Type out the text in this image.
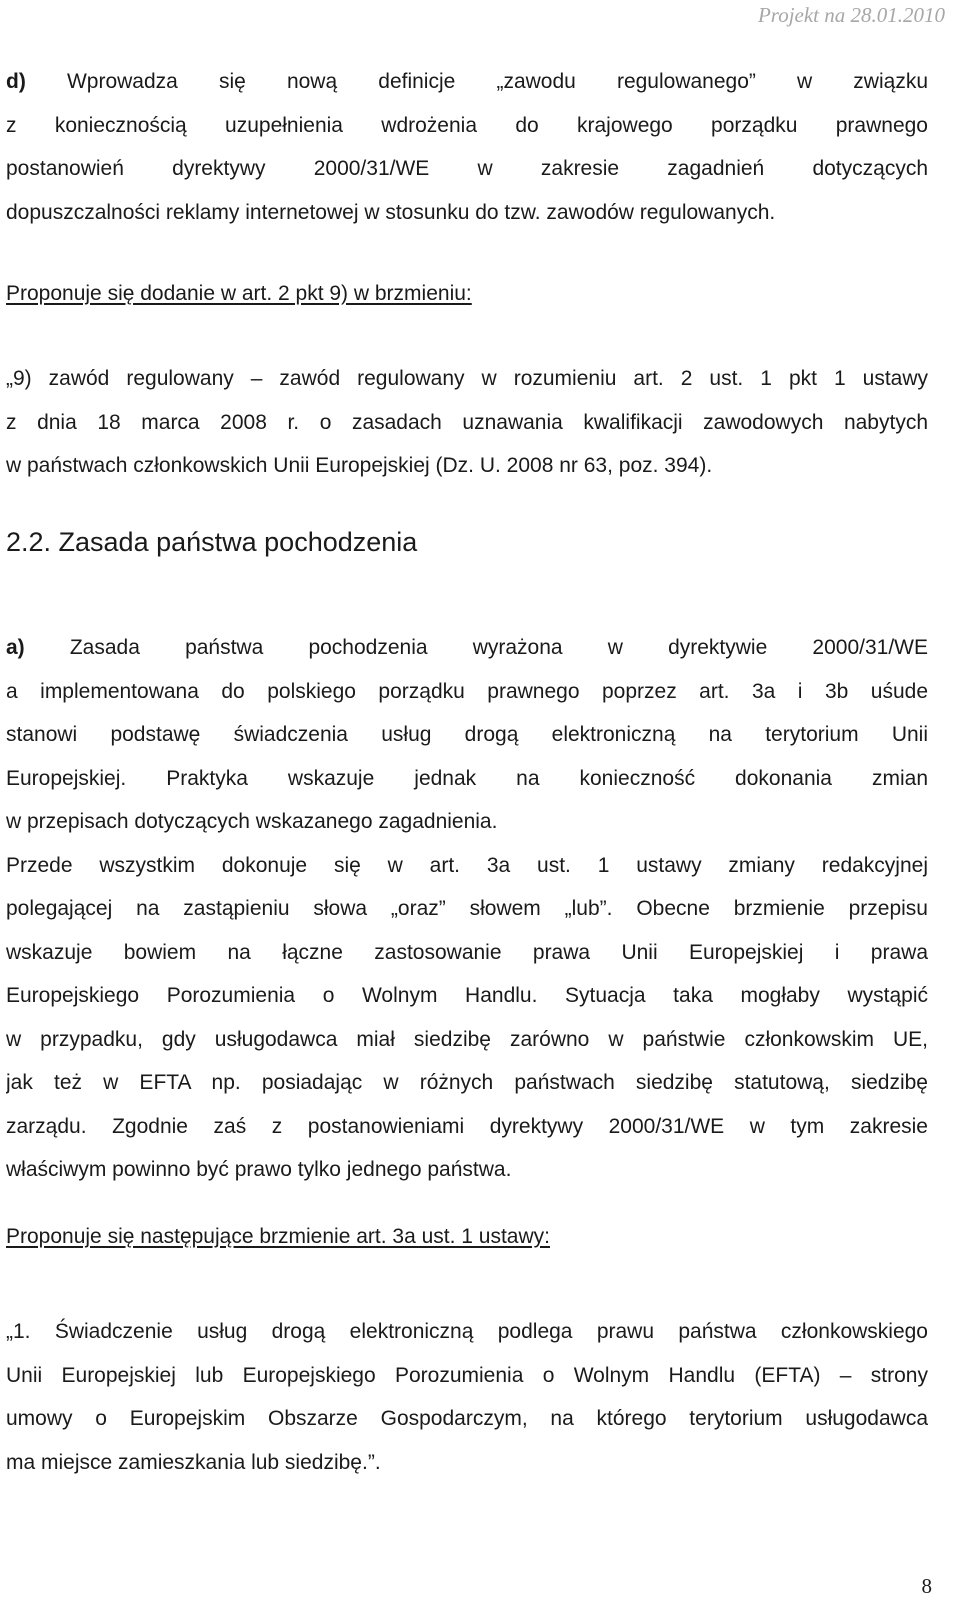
Projekt na 28.01.2010
d) Wprowadza się nową definicje „zawodu regulowanego” w związku
z koniecznością uzupełnienia wdrożenia do krajowego porządku prawnego
postanowień dyrektywy 2000/31/WE w zakresie zagadnień dotyczących
dopuszczalności reklamy internetowej w stosunku do tzw. zawodów regulowanych.
Proponuje się dodanie w art. 2 pkt 9) w brzmieniu:
„9) zawód regulowany – zawód regulowany w rozumieniu art. 2 ust. 1 pkt 1 ustawy
z dnia 18 marca 2008 r. o zasadach uznawania kwalifikacji zawodowych nabytych
w państwach członkowskich Unii Europejskiej (Dz. U. 2008 nr 63, poz. 394).
2.2. Zasada państwa pochodzenia
a) Zasada państwa pochodzenia wyrażona w dyrektywie 2000/31/WE
a implementowana do polskiego porządku prawnego poprzez art. 3a i 3b uśude
stanowi podstawę świadczenia usług drogą elektroniczną na terytorium Unii
Europejskiej. Praktyka wskazuje jednak na konieczność dokonania zmian
w przepisach dotyczących wskazanego zagadnienia.
Przede wszystkim dokonuje się w art. 3a ust. 1 ustawy zmiany redakcyjnej
polegającej na zastąpieniu słowa „oraz” słowem „lub”. Obecne brzmienie przepisu
wskazuje bowiem na łączne zastosowanie prawa Unii Europejskiej i prawa
Europejskiego Porozumienia o Wolnym Handlu. Sytuacja taka mogłaby wystąpić
w przypadku, gdy usługodawca miał siedzibę zarówno w państwie członkowskim UE,
jak też w EFTA np. posiadając w różnych państwach siedzibę statutową, siedzibę
zarządu. Zgodnie zaś z postanowieniami dyrektywy 2000/31/WE w tym zakresie
właściwym powinno być prawo tylko jednego państwa.
Proponuje się następujące brzmienie art. 3a ust. 1 ustawy:
„1. Świadczenie usług drogą elektroniczną podlega prawu państwa członkowskiego
Unii Europejskiej lub Europejskiego Porozumienia o Wolnym Handlu (EFTA) – strony
umowy o Europejskim Obszarze Gospodarczym, na którego terytorium usługodawca
ma miejsce zamieszkania lub siedzibę.”.
8
